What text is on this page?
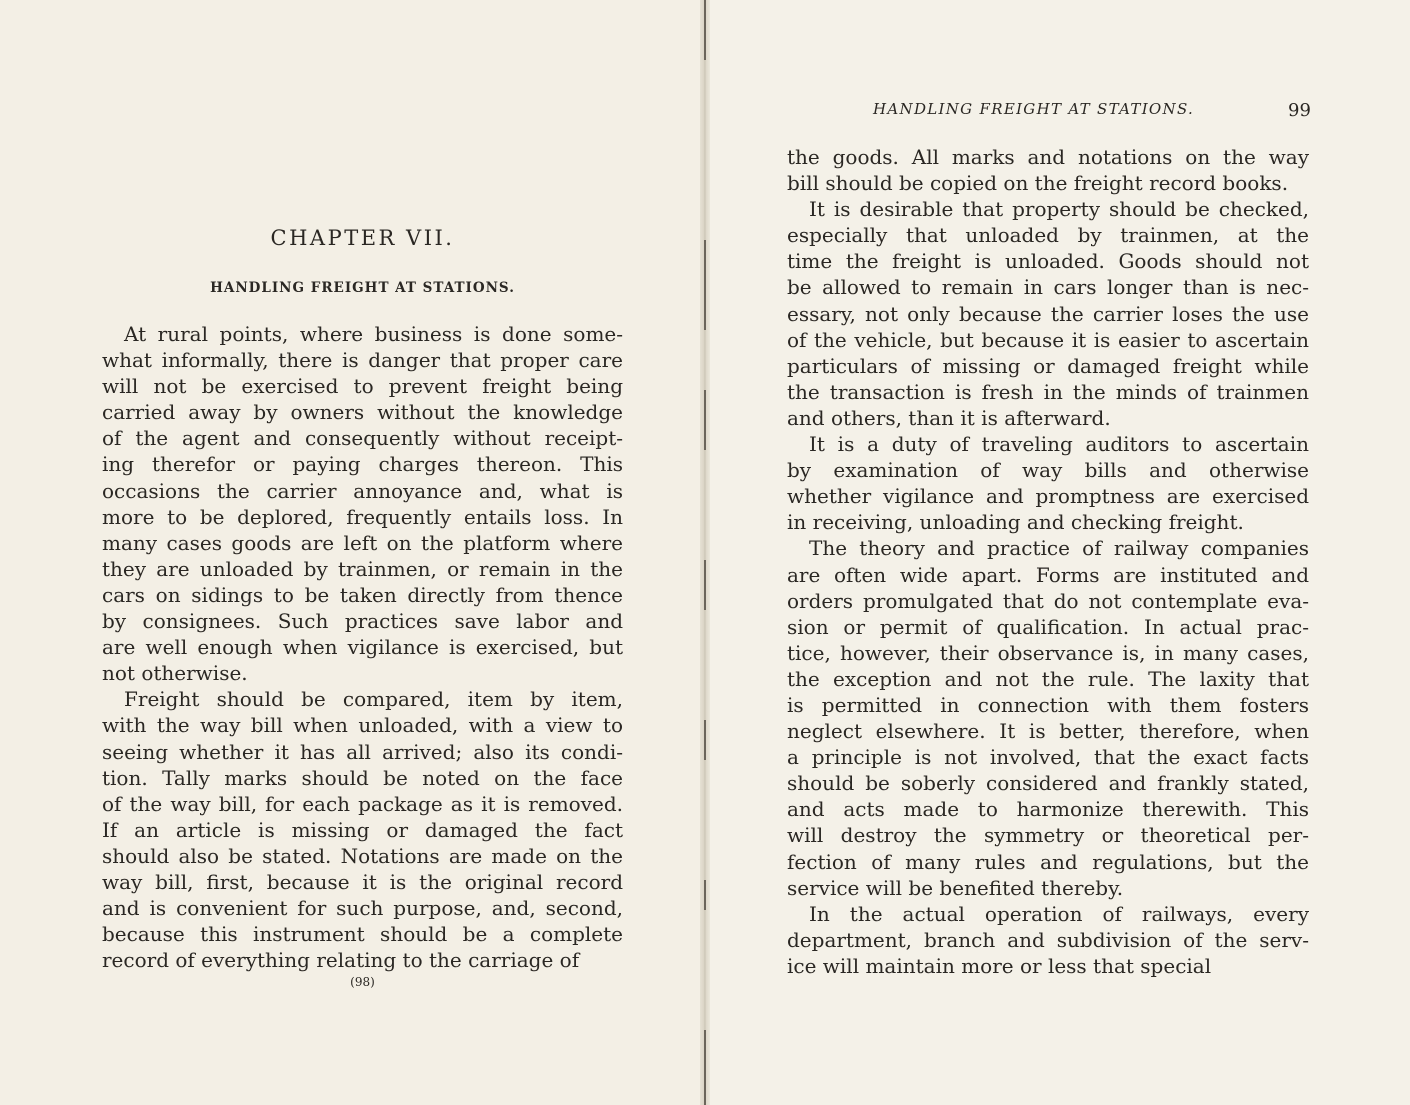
CHAPTER VII.
HANDLING FREIGHT AT STATIONS.
At rural points, where business is done some-
what informally, there is danger that proper care
will not be exercised to prevent freight being
carried away by owners without the knowledge
of the agent and consequently without receipt-
ing therefor or paying charges thereon. This
occasions the carrier annoyance and, what is
more to be deplored, frequently entails loss. In
many cases goods are left on the platform where
they are unloaded by trainmen, or remain in the
cars on sidings to be taken directly from thence
by consignees. Such practices save labor and
are well enough when vigilance is exercised, but
not otherwise.
Freight should be compared, item by item,
with the way bill when unloaded, with a view to
seeing whether it has all arrived; also its condi-
tion. Tally marks should be noted on the face
of the way bill, for each package as it is removed.
If an article is missing or damaged the fact
should also be stated. Notations are made on the
way bill, first, because it is the original record
and is convenient for such purpose, and, second,
because this instrument should be a complete
record of everything relating to the carriage of
(98)
HANDLING FREIGHT AT STATIONS.	99
the goods. All marks and notations on the way
bill should be copied on the freight record books.
It is desirable that property should be checked,
especially that unloaded by trainmen, at the
time the freight is unloaded. Goods should not
be allowed to remain in cars longer than is nec-
essary, not only because the carrier loses the use
of the vehicle, but because it is easier to ascertain
particulars of missing or damaged freight while
the transaction is fresh in the minds of trainmen
and others, than it is afterward.
It is a duty of traveling auditors to ascertain
by examination of way bills and otherwise
whether vigilance and promptness are exercised
in receiving, unloading and checking freight.
The theory and practice of railway companies
are often wide apart. Forms are instituted and
orders promulgated that do not contemplate eva-
sion or permit of qualification. In actual prac-
tice, however, their observance is, in many cases,
the exception and not the rule. The laxity that
is permitted in connection with them fosters
neglect elsewhere. It is better, therefore, when
a principle is not involved, that the exact facts
should be soberly considered and frankly stated,
and acts made to harmonize therewith. This
will destroy the symmetry or theoretical per-
fection of many rules and regulations, but the
service will be benefited thereby.
In the actual operation of railways, every
department, branch and subdivision of the serv-
ice will maintain more or less that special
